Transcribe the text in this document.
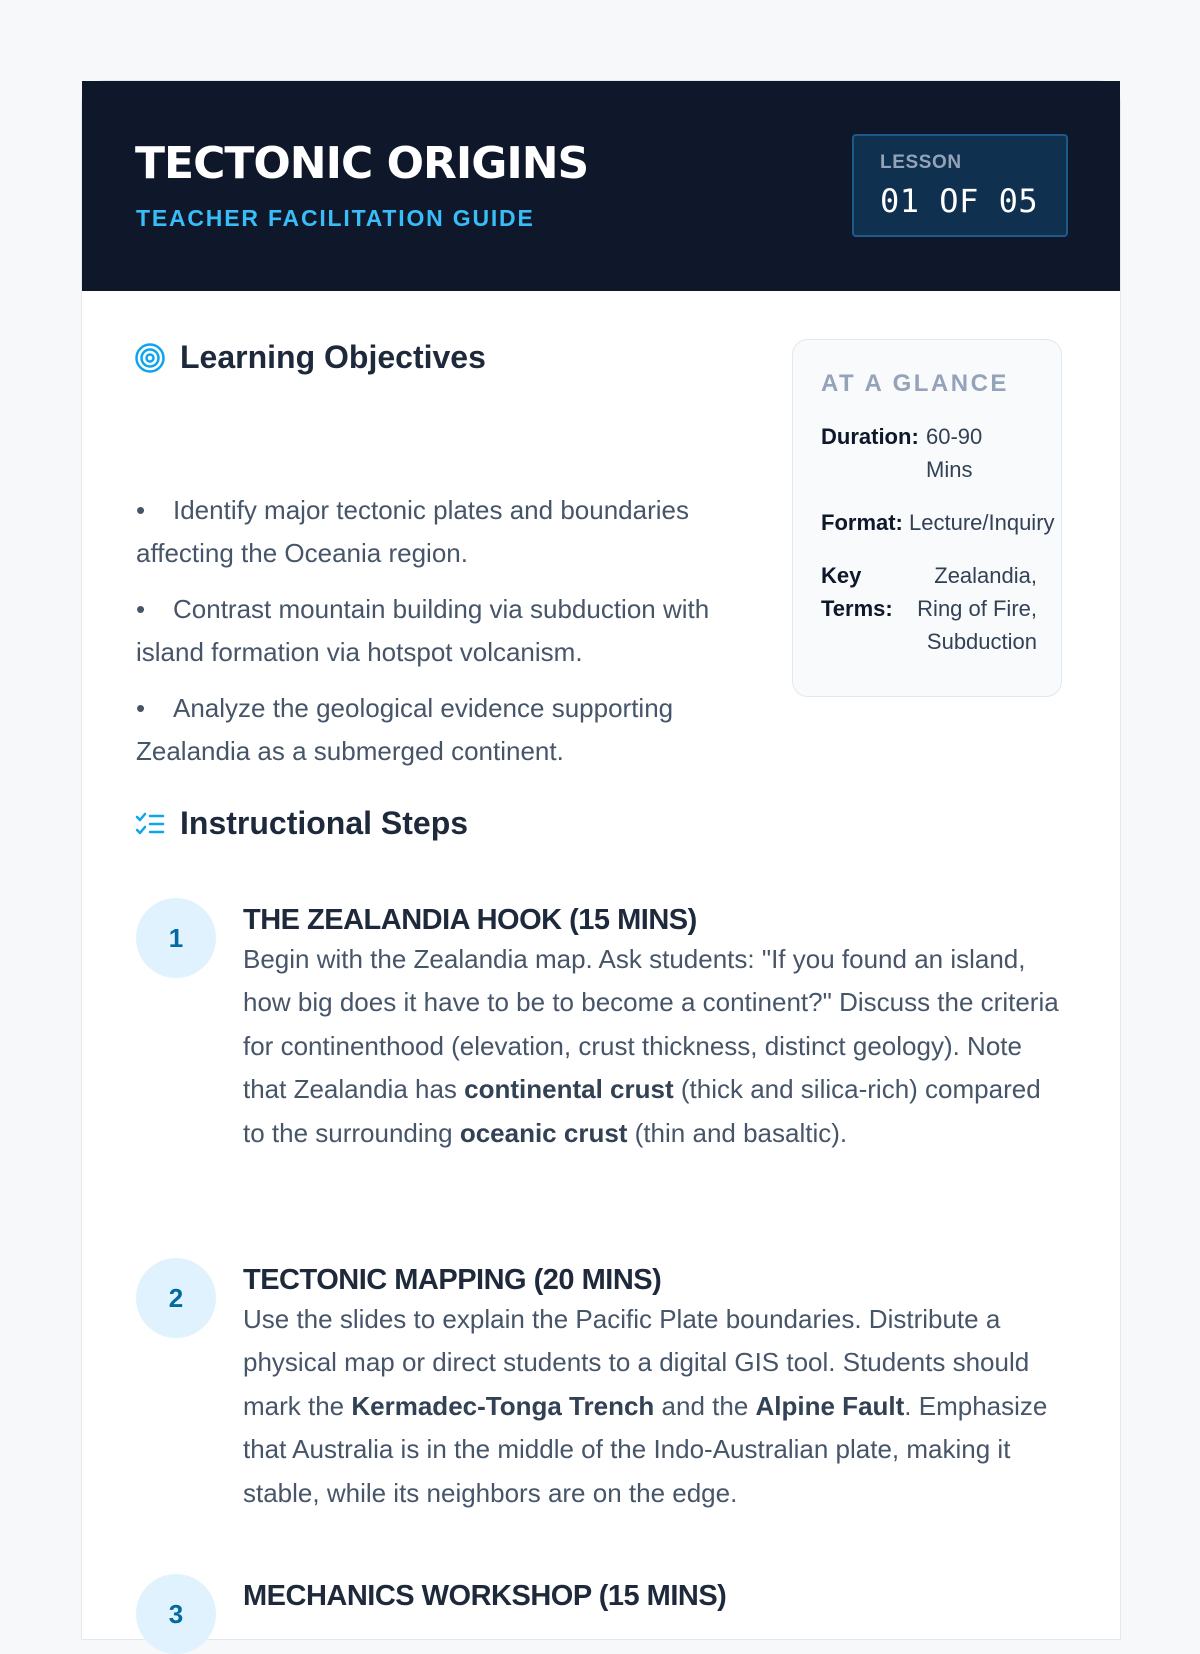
TECTONIC ORIGINS
TEACHER FACILITATION GUIDE
LESSON
01 OF 05
Learning Objectives
• Identify major tectonic plates and boundaries affecting the Oceania region.
• Contrast mountain building via subduction with island formation via hotspot volcanism.
• Analyze the geological evidence supporting Zealandia as a submerged continent.
AT A GLANCE
Duration: 60-90 Mins
Format: Lecture/Inquiry
Key Terms:
Zealandia, Ring of Fire, Subduction
Instructional Steps
1
THE ZEALANDIA HOOK (15 MINS)
Begin with the Zealandia map. Ask students: "If you found an island, how big does it have to be to become a continent?" Discuss the criteria for continenthood (elevation, crust thickness, distinct geology). Note that Zealandia has continental crust (thick and silica-rich) compared to the surrounding oceanic crust (thin and basaltic).
2
TECTONIC MAPPING (20 MINS)
Use the slides to explain the Pacific Plate boundaries. Distribute a physical map or direct students to a digital GIS tool. Students should mark the Kermadec-Tonga Trench and the Alpine Fault. Emphasize that Australia is in the middle of the Indo-Australian plate, making it stable, while its neighbors are on the edge.
3
MECHANICS WORKSHOP (15 MINS)
